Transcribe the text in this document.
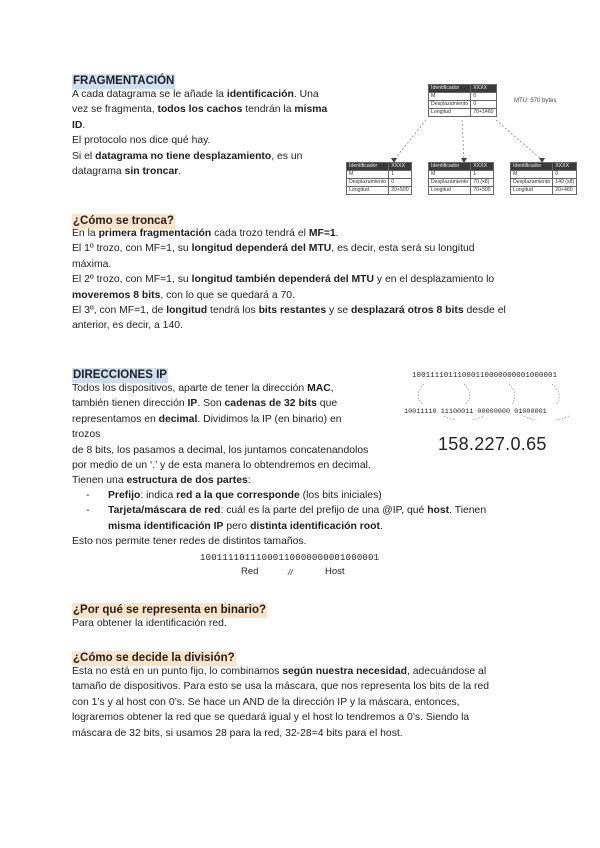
FRAGMENTACIÓN

A cada datagrama se le añade la identificación. Una

vez se fragmenta, todos los cachos tendrán la misma

ID.

El protocolo nos dice qué hay.

Si el datagrama no tiene desplazamiento, es un

datagrama sin troncar.

Identificador	XXXX
M	0
Desplazamiento	0
Longitud	70+1460
MTU: 570 bytes
Identificador	XXXX
M	1
Desplazamiento	0
Longitud	20+500
Identificador	XXXX
M	1
Desplazamiento	70 (x8)
Longitud	70+500
Identificador	XXXX
M	0
Desplazamiento	140 (x8)
Longitud	20+460
¿Cómo se tronca?

En la primera fragmentación cada trozo tendrá el MF=1.

El 1º trozo, con MF=1, su longitud dependerá del MTU, es decir, esta será su longitud

máxima.

El 2º trozo, con MF=1, su longitud también dependerá del MTU y en el desplazamiento lo

moveremos 8 bits, con lo que se quedará a 70.

El 3º, con MF=1, de longitud tendrá los bits restantes y se desplazará otros 8 bits desde el

anterior, es decir, a 140.

DIRECCIONES IP

Todos los dispositivos, aparte de tener la dirección MAC,

también tienen dirección IP. Son cadenas de 32 bits que

representamos en decimal. Dividimos la IP (en binario) en trozos

de 8 bits, los pasamos a decimal, los juntamos concatenandolos

por medio de un ‘.’ y de esta manera lo obtendremos en decimal.

10011110111000110000000001000001
10011110 11100011 00000000 01000001
158.227.0.65

Tienen una estructura de dos partes:

- Prefijo: indica red a la que corresponde (los bits iniciales)
- Tarjeta/máscara de red: cuál es la parte del prefijo de una @IP, qué host. Tienen
misma identificación IP pero distinta identificación root.

Esto nos permite tener redes de distintos tamaños.

10011110111000110000000001000001
Red	//	Host
¿Por qué se representa en binario?

Para obtener la identificación red.

¿Cómo se decide la división?

Esta no está en un punto fijo, lo combinamos según nuestra necesidad, adecuándose al

tamaño de dispositivos. Para esto se usa la máscara, que nos representa los bits de la red

con 1’s y al host con 0’s. Se hace un AND de la dirección IP y la máscara, entonces,

lograremos obtener la red que se quedará igual y el host lo tendremos a 0’s. Siendo la

máscara de 32 bits, si usamos 28 para la red, 32-28=4 bits para el host.
